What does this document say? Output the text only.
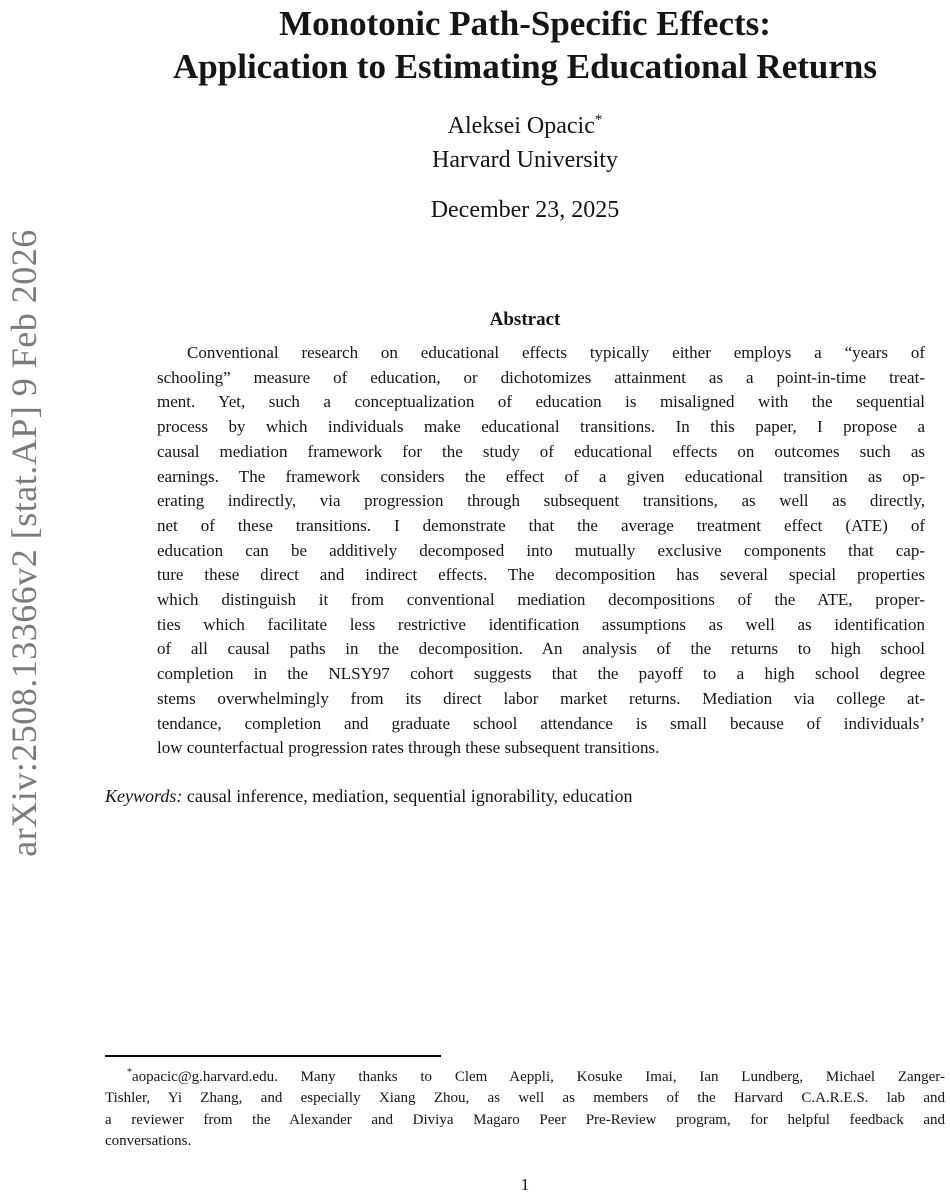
arXiv:2508.13366v2 [stat.AP] 9 Feb 2026
Monotonic Path-Specific Effects:
Application to Estimating Educational Returns
Aleksei Opacic*
Harvard University
December 23, 2025
Abstract
Conventional research on educational effects typically either employs a “years of
schooling” measure of education, or dichotomizes attainment as a point-in-time treat-
ment. Yet, such a conceptualization of education is misaligned with the sequential
process by which individuals make educational transitions. In this paper, I propose a
causal mediation framework for the study of educational effects on outcomes such as
earnings. The framework considers the effect of a given educational transition as op-
erating indirectly, via progression through subsequent transitions, as well as directly,
net of these transitions. I demonstrate that the average treatment effect (ATE) of
education can be additively decomposed into mutually exclusive components that cap-
ture these direct and indirect effects. The decomposition has several special properties
which distinguish it from conventional mediation decompositions of the ATE, proper-
ties which facilitate less restrictive identification assumptions as well as identification
of all causal paths in the decomposition. An analysis of the returns to high school
completion in the NLSY97 cohort suggests that the payoff to a high school degree
stems overwhelmingly from its direct labor market returns. Mediation via college at-
tendance, completion and graduate school attendance is small because of individuals’
low counterfactual progression rates through these subsequent transitions.
Keywords: causal inference, mediation, sequential ignorability, education
*aopacic@g.harvard.edu. Many thanks to Clem Aeppli, Kosuke Imai, Ian Lundberg, Michael Zanger-
Tishler, Yi Zhang, and especially Xiang Zhou, as well as members of the Harvard C.A.R.E.S. lab and
a reviewer from the Alexander and Diviya Magaro Peer Pre-Review program, for helpful feedback and
conversations.
1
